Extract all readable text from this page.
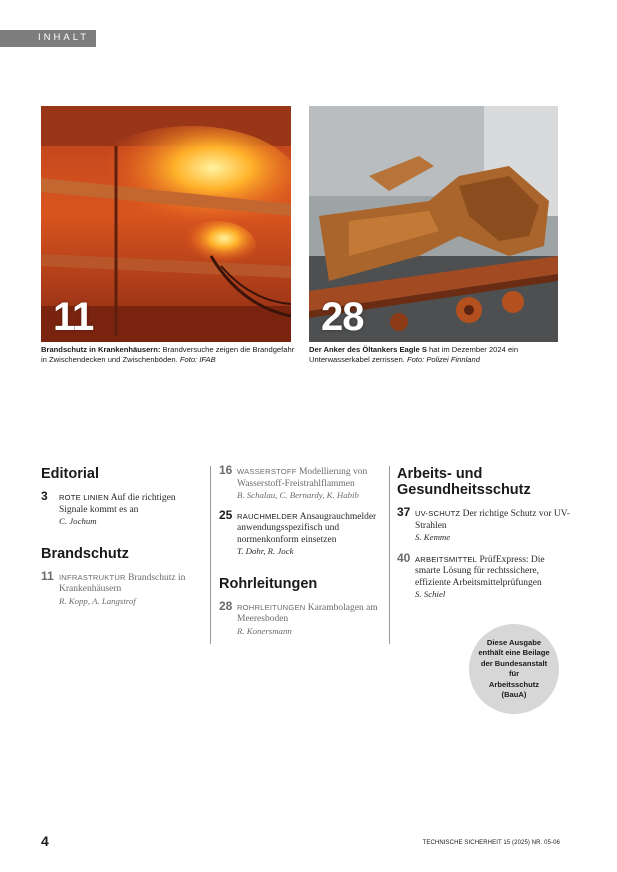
INHALT
11	28
Brandschutz in Krankenhäusern: Brandversuche zeigen die Brandgefahr in Zwischendecken und Zwischenböden. Foto: IFAB
Der Anker des Öltankers Eagle S hat im Dezember 2024 ein Unterwasserkabel zerrissen. Foto: Polizei Finnland
Editorial
3 ROTE LINIEN Auf die richtigen Signale kommt es an
C. Jochum
Brandschutz
11 INFRASTRUKTUR Brandschutz in Krankenhäusern
R. Kopp, A. Langstrof
16 WASSERSTOFF Modellierung von Wasserstoff-Freistrahlflammen
B. Schalau, C. Bernardy, K. Habib
25 RAUCHMELDER Ansaugrauchmelder anwendungsspezifisch und normenkonform einsetzen
T. Dohr, R. Jock
Rohrleitungen
28 ROHRLEITUNGEN Karambolagen am Meeresboden
R. Konersmann
Arbeits- und Gesundheitsschutz
37 UV-SCHUTZ Der richtige Schutz vor UV-Strahlen
S. Kemme
40 ARBEITSMITTEL PrüfExpress: Die smarte Lösung für rechtssichere, effiziente Arbeitsmittelprüfungen
S. Schiel
Diese Ausgabe
enthält eine Beilage
der Bundesanstalt für
Arbeitsschutz (BauA)
4	TECHNISCHE SICHERHEIT 15 (2025) NR. 05-06
